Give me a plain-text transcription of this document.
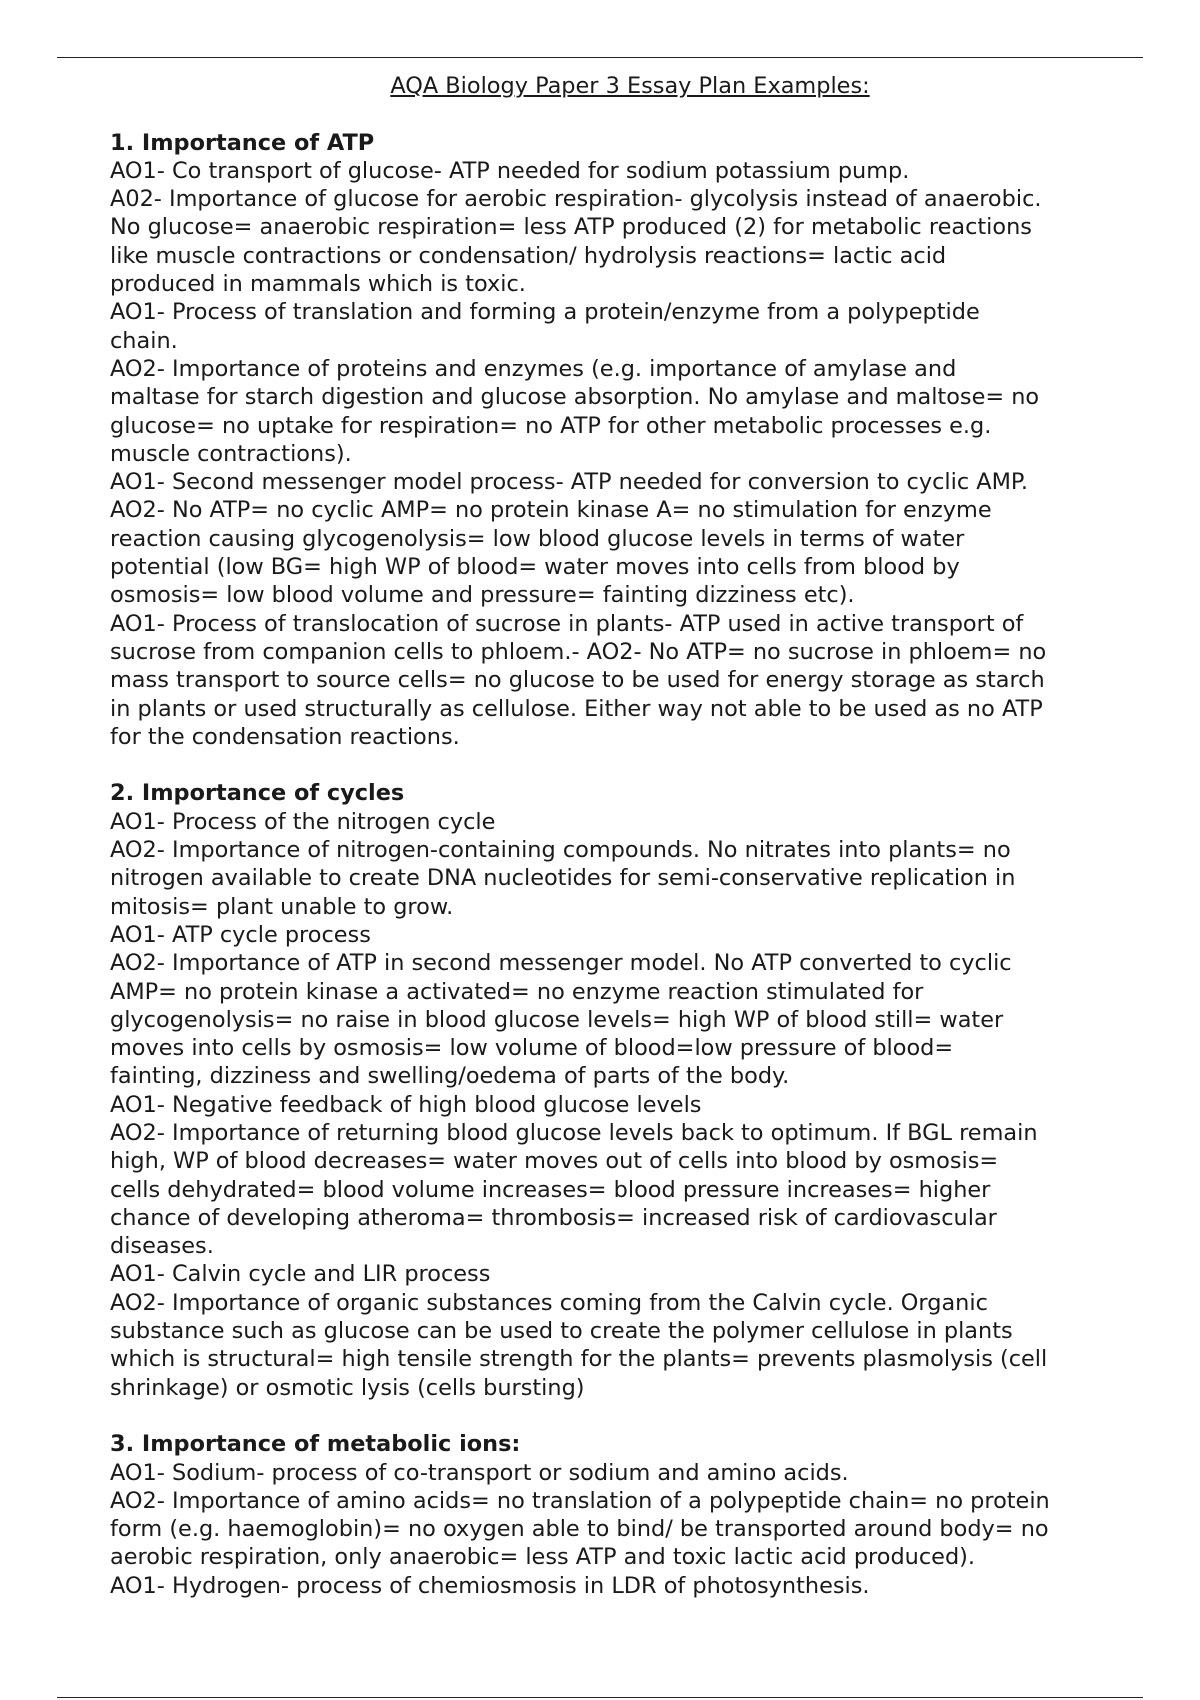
AQA Biology Paper 3 Essay Plan Examples:
1. Importance of ATP
AO1- Co transport of glucose- ATP needed for sodium potassium pump.
A02- Importance of glucose for aerobic respiration- glycolysis instead of anaerobic.
No glucose= anaerobic respiration= less ATP produced (2) for metabolic reactions
like muscle contractions or condensation/ hydrolysis reactions= lactic acid
produced in mammals which is toxic.
AO1- Process of translation and forming a protein/enzyme from a polypeptide
chain.
AO2- Importance of proteins and enzymes (e.g. importance of amylase and
maltase for starch digestion and glucose absorption. No amylase and maltose= no
glucose= no uptake for respiration= no ATP for other metabolic processes e.g.
muscle contractions).
AO1- Second messenger model process- ATP needed for conversion to cyclic AMP.
AO2- No ATP= no cyclic AMP= no protein kinase A= no stimulation for enzyme
reaction causing glycogenolysis= low blood glucose levels in terms of water
potential (low BG= high WP of blood= water moves into cells from blood by
osmosis= low blood volume and pressure= fainting dizziness etc).
AO1- Process of translocation of sucrose in plants- ATP used in active transport of
sucrose from companion cells to phloem.- AO2- No ATP= no sucrose in phloem= no
mass transport to source cells= no glucose to be used for energy storage as starch
in plants or used structurally as cellulose. Either way not able to be used as no ATP
for the condensation reactions.
2. Importance of cycles
AO1- Process of the nitrogen cycle
AO2- Importance of nitrogen-containing compounds. No nitrates into plants= no
nitrogen available to create DNA nucleotides for semi-conservative replication in
mitosis= plant unable to grow.
AO1- ATP cycle process
AO2- Importance of ATP in second messenger model. No ATP converted to cyclic
AMP= no protein kinase a activated= no enzyme reaction stimulated for
glycogenolysis= no raise in blood glucose levels= high WP of blood still= water
moves into cells by osmosis= low volume of blood=low pressure of blood=
fainting, dizziness and swelling/oedema of parts of the body.
AO1- Negative feedback of high blood glucose levels
AO2- Importance of returning blood glucose levels back to optimum. If BGL remain
high, WP of blood decreases= water moves out of cells into blood by osmosis=
cells dehydrated= blood volume increases= blood pressure increases= higher
chance of developing atheroma= thrombosis= increased risk of cardiovascular
diseases.
AO1- Calvin cycle and LIR process
AO2- Importance of organic substances coming from the Calvin cycle. Organic
substance such as glucose can be used to create the polymer cellulose in plants
which is structural= high tensile strength for the plants= prevents plasmolysis (cell
shrinkage) or osmotic lysis (cells bursting)
3. Importance of metabolic ions:
AO1- Sodium- process of co-transport or sodium and amino acids.
AO2- Importance of amino acids= no translation of a polypeptide chain= no protein
form (e.g. haemoglobin)= no oxygen able to bind/ be transported around body= no
aerobic respiration, only anaerobic= less ATP and toxic lactic acid produced).
AO1- Hydrogen- process of chemiosmosis in LDR of photosynthesis.
